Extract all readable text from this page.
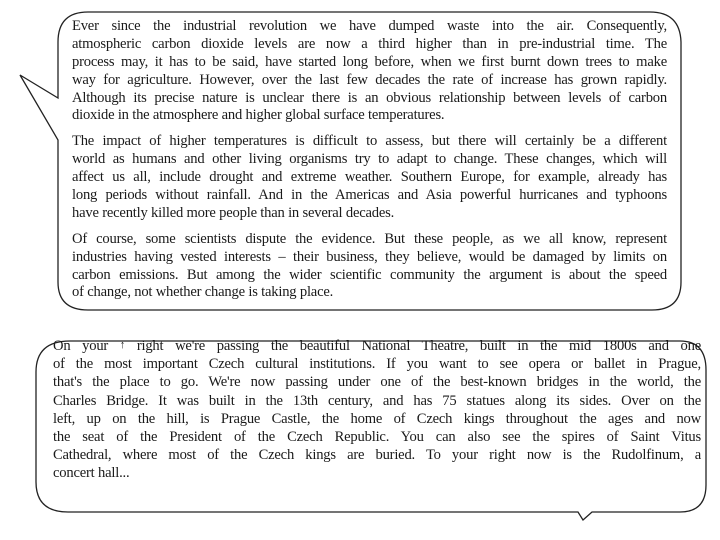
Ever since the industrial revolution we have dumped waste into the air. Consequently,
atmospheric carbon dioxide levels are now a third higher than in pre-industrial time. The
process may, it has to be said, have started long before, when we first burnt down trees to make
way for agriculture. However, over the last few decades the rate of increase has grown rapidly.
Although its precise nature is unclear there is an obvious relationship between levels of carbon
dioxide in the atmosphere and higher global surface temperatures.
The impact of higher temperatures is difficult to assess, but there will certainly be a different
world as humans and other living organisms try to adapt to change. These changes, which will
affect us all, include drought and extreme weather. Southern Europe, for example, already has
long periods without rainfall. And in the Americas and Asia powerful hurricanes and typhoons
have recently killed more people than in several decades.
Of course, some scientists dispute the evidence. But these people, as we all know, represent
industries having vested interests – their business, they believe, would be damaged by limits on
carbon emissions. But among the wider scientific community the argument is about the speed
of change, not whether change is taking place.
On your ↑ right we're passing the beautiful National Theatre, built in the mid 1800s and one
of the most important Czech cultural institutions. If you want to see opera or ballet in Prague,
that's the place to go. We're now passing under one of the best-known bridges in the world, the
Charles Bridge. It was built in the 13th century, and has 75 statues along its sides. Over on the
left, up on the hill, is Prague Castle, the home of Czech kings throughout the ages and now
the seat of the President of the Czech Republic. You can also see the spires of Saint Vitus
Cathedral, where most of the Czech kings are buried. To your right now is the Rudolfinum, a
concert hall...
